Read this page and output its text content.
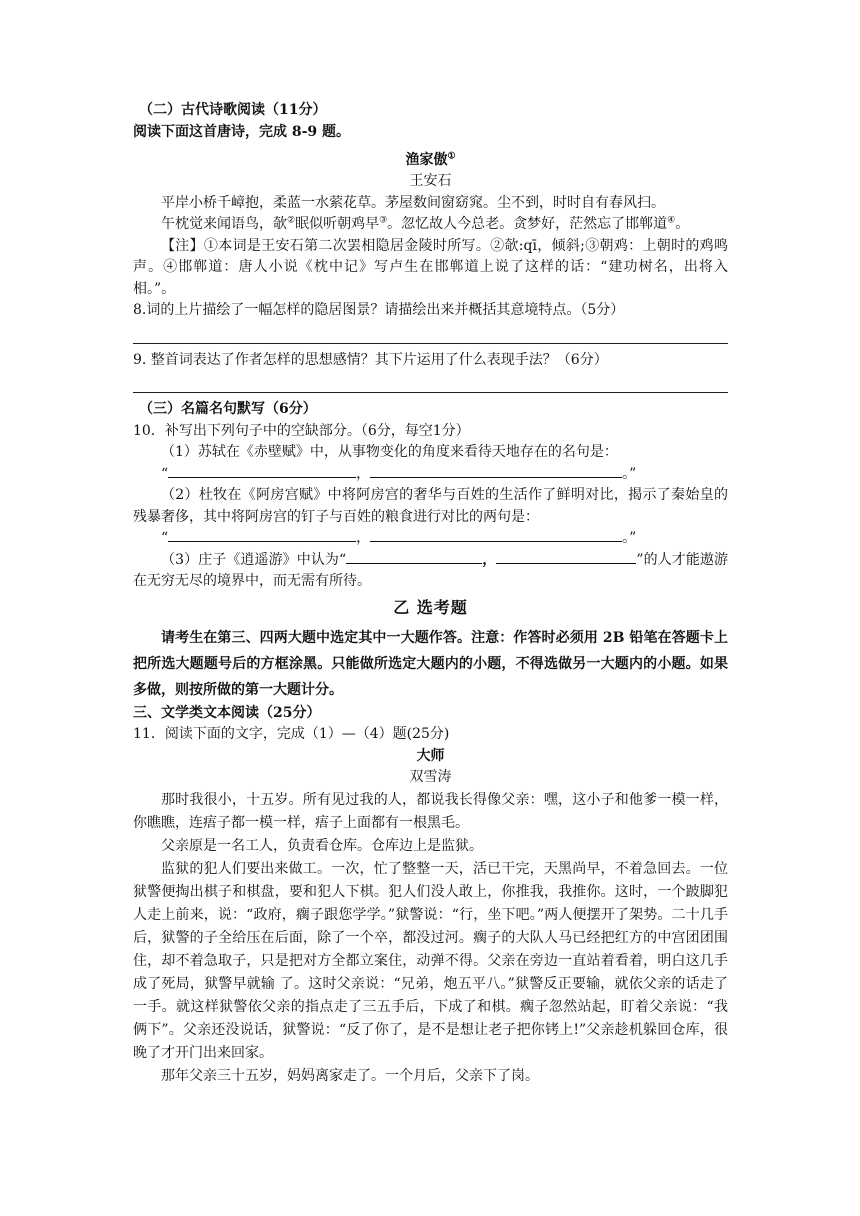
（二）古代诗歌阅读（11分）
阅读下面这首唐诗，完成 8-9 题。
渔家傲①
王安石
平岸小桥千嶂抱，柔蓝一水萦花草。茅屋数间窗窈窕。尘不到，时时自有春风扫。
午枕觉来闻语鸟，欹②眠似听朝鸡早③。忽忆故人今总老。贪梦好，茫然忘了邯郸道④。
【注】①本词是王安石第二次罢相隐居金陵时所写。②欹:qī，倾斜;③朝鸡：上朝时的鸡鸣声。④邯郸道：唐人小说《枕中记》写卢生在邯郸道上说了这样的话：“建功树名，出将入相。”。
8.词的上片描绘了一幅怎样的隐居图景？请描绘出来并概括其意境特点。（5分）
9. 整首词表达了作者怎样的思想感情？其下片运用了什么表现手法？（6分）
（三）名篇名句默写（6分）
10．补写出下列句子中的空缺部分。（6分，每空1分）
（1）苏轼在《赤壁赋》中，从事物变化的角度来看待天地存在的名句是：
“	，	。”
（2）杜牧在《阿房宫赋》中将阿房宫的奢华与百姓的生活作了鲜明对比，揭示了秦始皇的残暴奢侈，其中将阿房宫的钉子与百姓的粮食进行对比的两句是：
“	，	。”
（3）庄子《逍遥游》中认为“	，	”的人才能遨游在无穷无尽的境界中，而无需有所待。
乙 选考题
请考生在第三、四两大题中选定其中一大题作答。注意：作答时必须用 2B 铅笔在答题卡上把所选大题题号后的方框涂黑。只能做所选定大题内的小题，不得选做另一大题内的小题。如果多做，则按所做的第一大题计分。
三、文学类文本阅读（25分）
11．阅读下面的文字，完成（1）—（4）题(25分)
大师
双雪涛
那时我很小，十五岁。所有见过我的人，都说我长得像父亲：嘿，这小子和他爹一模一样，你瞧瞧，连痦子都一模一样，痦子上面都有一根黑毛。
父亲原是一名工人，负责看仓库。仓库边上是监狱。
监狱的犯人们要出来做工。一次，忙了整整一天，活已干完，天黑尚早，不着急回去。一位狱警便掏出棋子和棋盘，要和犯人下棋。犯人们没人敢上，你推我，我推你。这时，一个跛脚犯人走上前来，说：“政府，瘸子跟您学学。”狱警说：“行，坐下吧。”两人便摆开了架势。二十几手后，狱警的子全给压在后面，除了一个卒，都没过河。瘸子的大队人马已经把红方的中宫团团围住，却不着急取子，只是把对方全都立案住，动弹不得。父亲在旁边一直站着看着，明白这几手成了死局，狱警早就输 了。这时父亲说：“兄弟，炮五平八。”狱警反正要输，就依父亲的话走了一手。就这样狱警依父亲的指点走了三五手后，下成了和棋。瘸子忽然站起，盯着父亲说：“我俩下”。父亲还没说话，狱警说：“反了你了，是不是想让老子把你铐上!”父亲趁机躲回仓库，很晚了才开门出来回家。
那年父亲三十五岁，妈妈离家走了。一个月后，父亲下了岗。
